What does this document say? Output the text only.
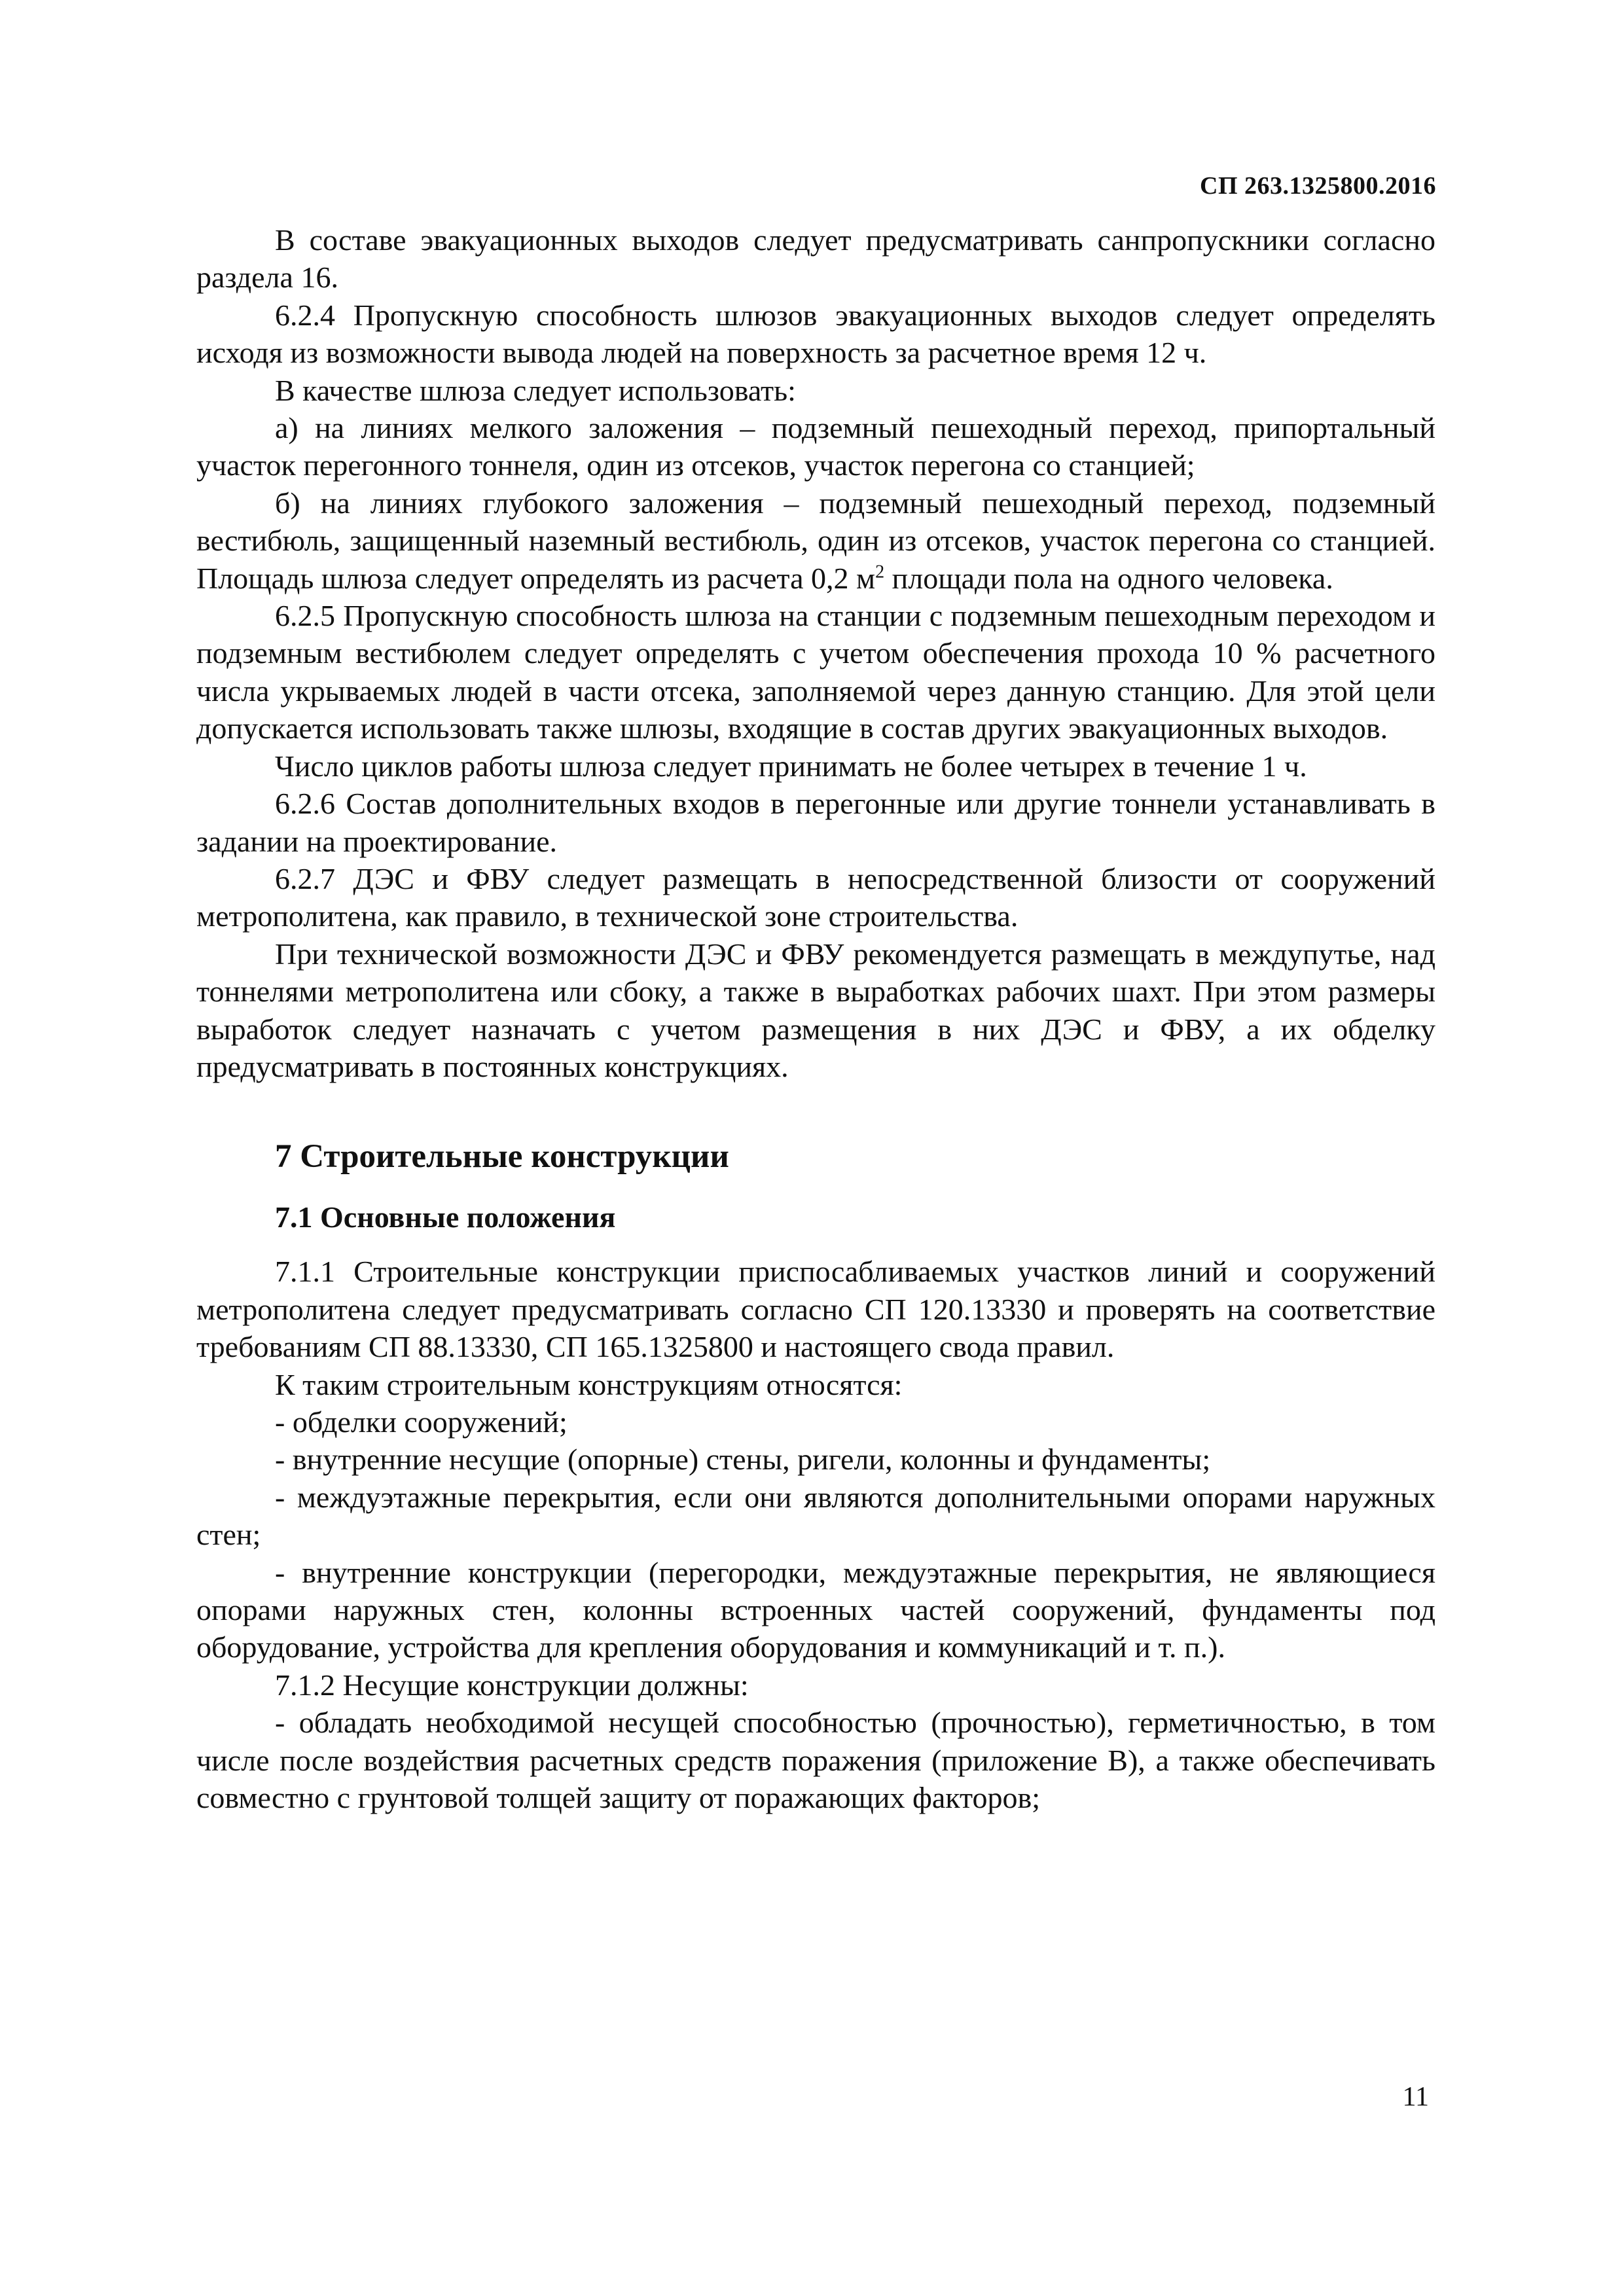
СП 263.1325800.2016

В составе эвакуационных выходов следует предусматривать санпропускники согласно раздела 16.

6.2.4 Пропускную способность шлюзов эвакуационных выходов следует определять исходя из возможности вывода людей на поверхность за расчетное время 12 ч.

В качестве шлюза следует использовать:

а) на линиях мелкого заложения – подземный пешеходный переход, припортальный участок перегонного тоннеля, один из отсеков, участок перегона со станцией;

б) на линиях глубокого заложения – подземный пешеходный переход, подземный вестибюль, защищенный наземный вестибюль, один из отсеков, участок перегона со станцией. Площадь шлюза следует определять из расчета 0,2 $м^2$ площади пола на одного человека.

6.2.5 Пропускную способность шлюза на станции с подземным пешеходным переходом и подземным вестибюлем следует определять с учетом обеспечения прохода 10 % расчетного числа укрываемых людей в части отсека, заполняемой через данную станцию. Для этой цели допускается использовать также шлюзы, входящие в состав других эвакуационных выходов.

Число циклов работы шлюза следует принимать не более четырех в течение 1 ч.

6.2.6 Состав дополнительных входов в перегонные или другие тоннели устанавливать в задании на проектирование.

6.2.7 ДЭС и ФВУ следует размещать в непосредственной близости от сооружений метрополитена, как правило, в технической зоне строительства.

При технической возможности ДЭС и ФВУ рекомендуется размещать в междупутье, над тоннелями метрополитена или сбоку, а также в выработках рабочих шахт. При этом размеры выработок следует назначать с учетом размещения в них ДЭС и ФВУ, а их обделку предусматривать в постоянных конструкциях.

7 Строительные конструкции
7.1 Основные положения

7.1.1 Строительные конструкции приспосабливаемых участков линий и сооружений метрополитена следует предусматривать согласно СП 120.13330 и проверять на соответствие требованиям СП 88.13330, СП 165.1325800 и настоящего свода правил.

К таким строительным конструкциям относятся:

- обделки сооружений;

- внутренние несущие (опорные) стены, ригели, колонны и фундаменты;

- междуэтажные перекрытия, если они являются дополнительными опорами наружных стен;

- внутренние конструкции (перегородки, междуэтажные перекрытия, не являющиеся опорами наружных стен, колонны встроенных частей сооружений, фундаменты под оборудование, устройства для крепления оборудования и коммуникаций и т. п.).

7.1.2 Несущие конструкции должны:

- обладать необходимой несущей способностью (прочностью), герметичностью, в том числе после воздействия расчетных средств поражения (приложение В), а также обеспечивать совместно с грунтовой толщей защиту от поражающих факторов;

11
